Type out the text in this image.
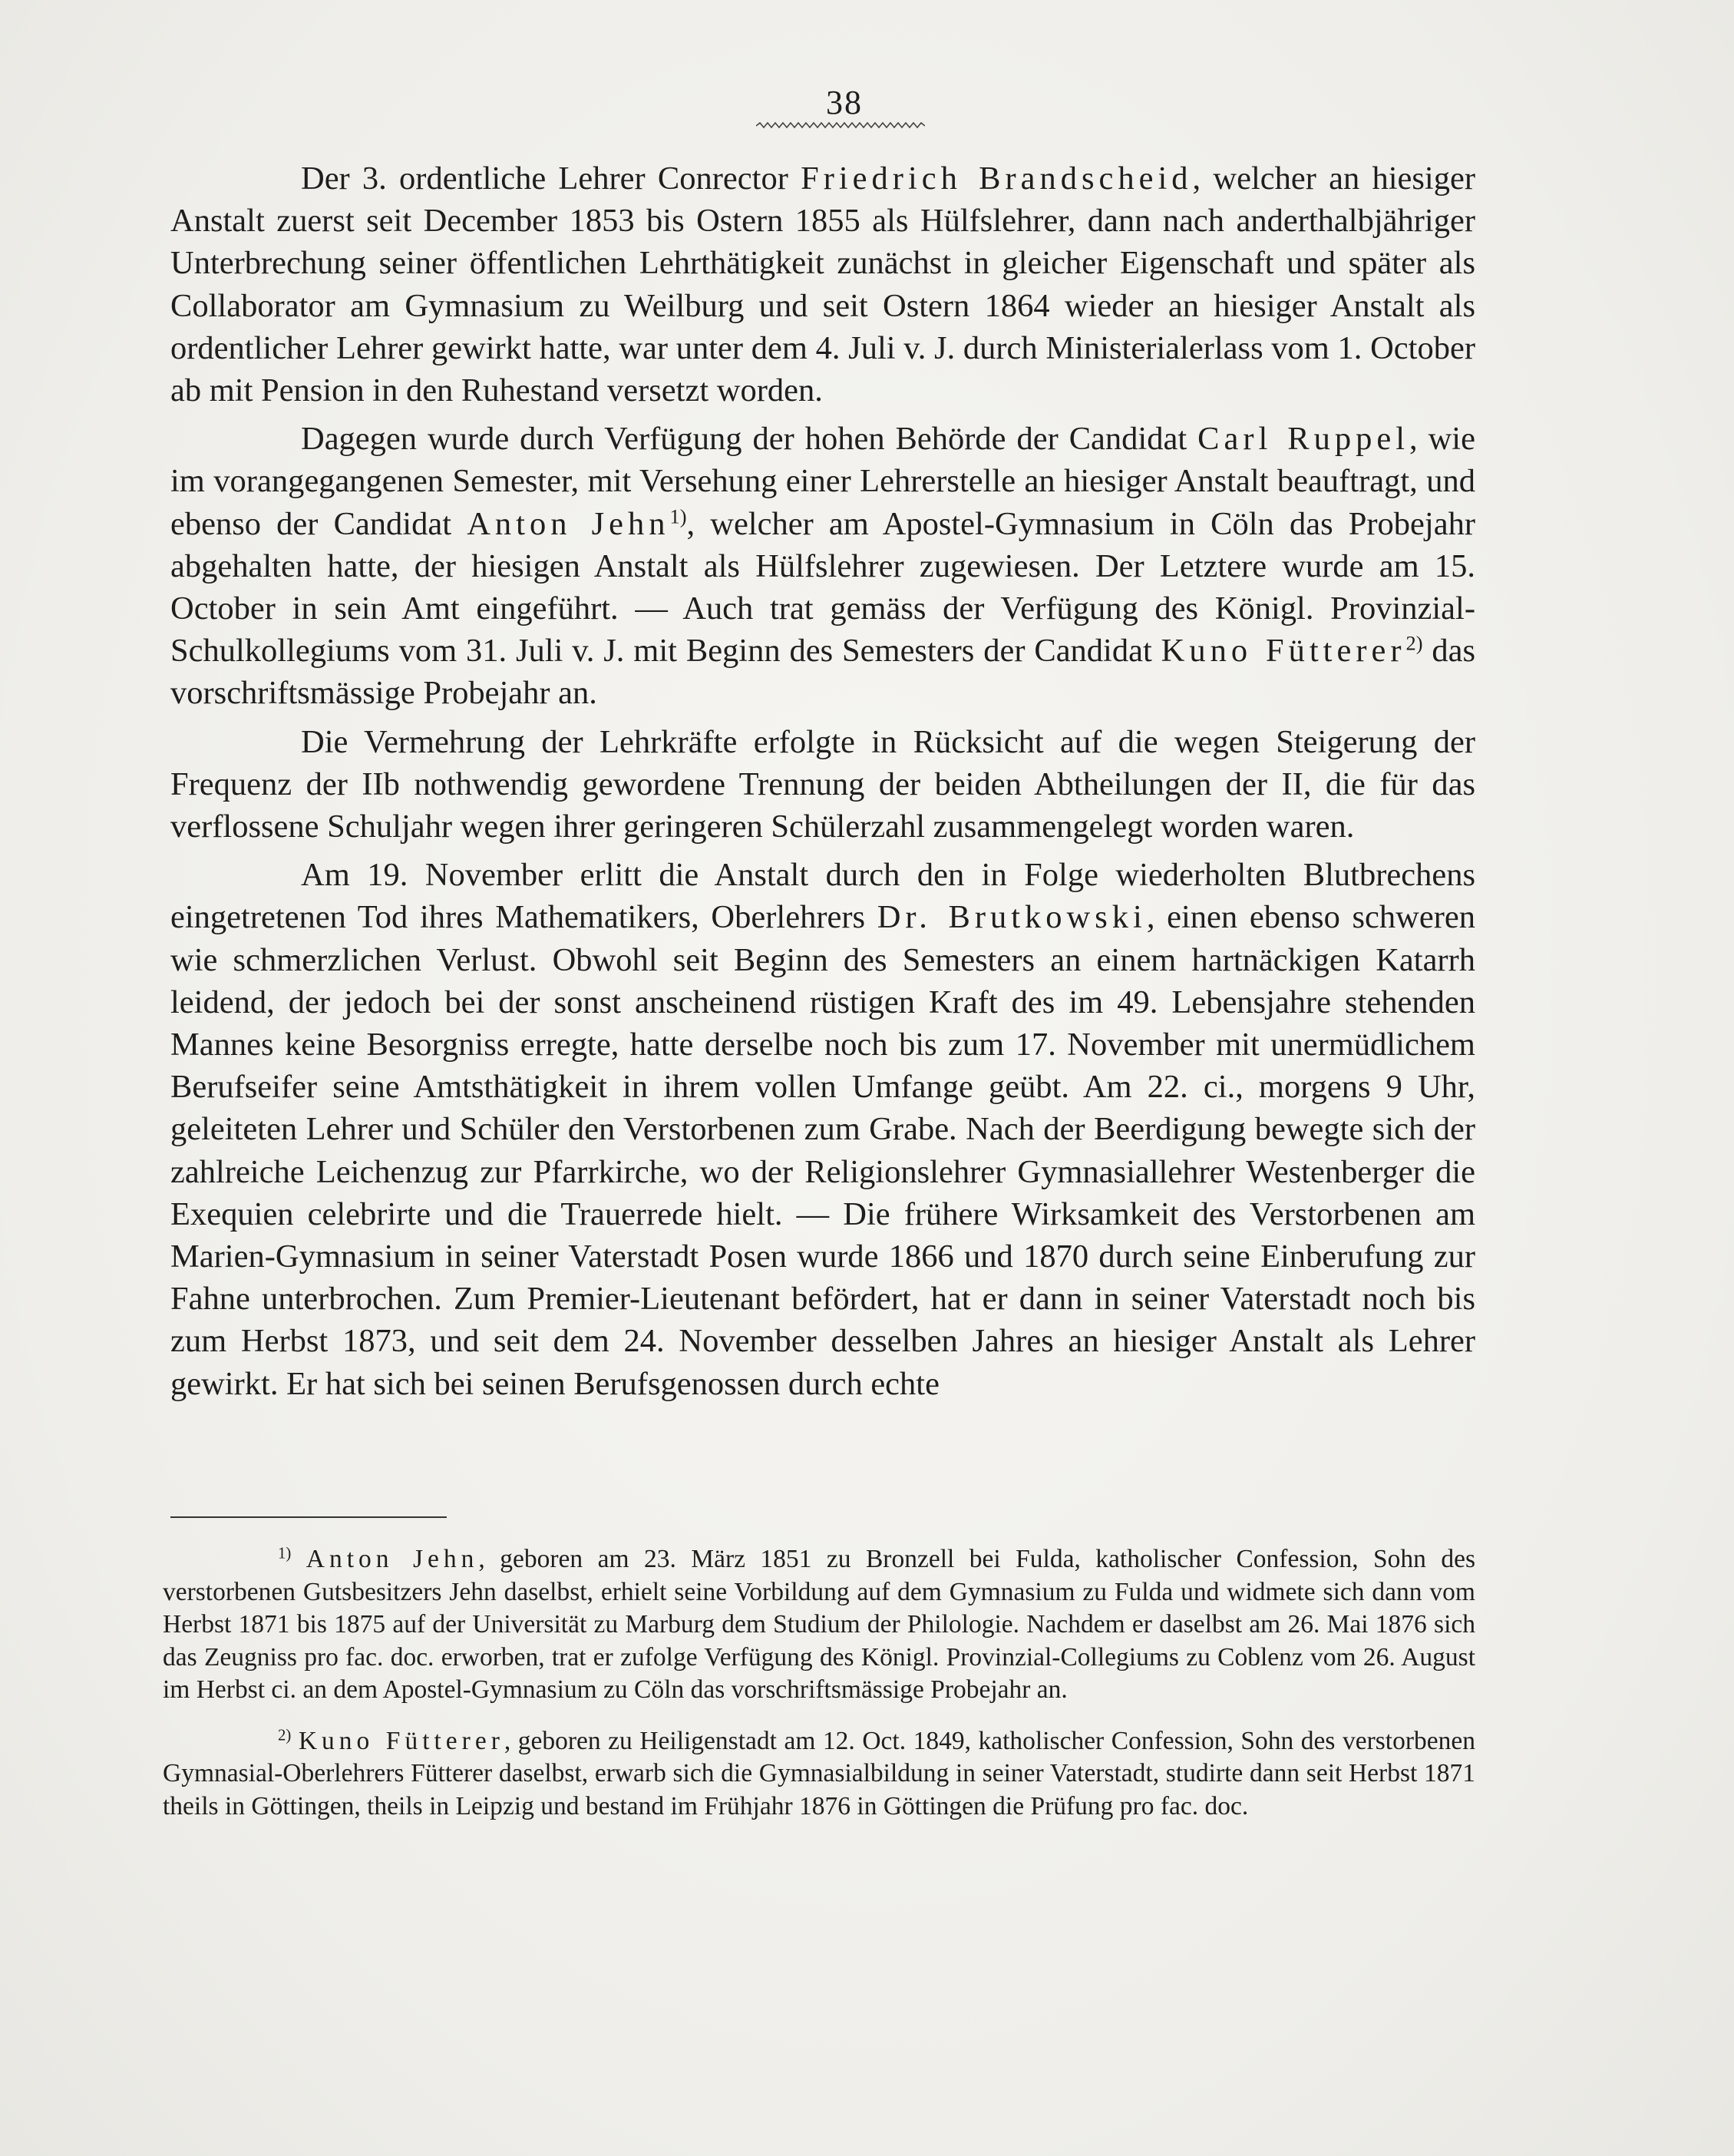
38

Der 3. ordentliche Lehrer Conrector Friedrich Brandscheid, welcher an hiesiger Anstalt zuerst seit December 1853 bis Ostern 1855 als Hülfslehrer, dann nach anderthalbjähriger Unterbrechung seiner öffentlichen Lehrthätigkeit zunächst in gleicher Eigenschaft und später als Collaborator am Gymnasium zu Weilburg und seit Ostern 1864 wieder an hiesiger Anstalt als ordentlicher Lehrer gewirkt hatte, war unter dem 4. Juli v. J. durch Ministerialerlass vom 1. October ab mit Pension in den Ruhestand versetzt worden.

Dagegen wurde durch Verfügung der hohen Behörde der Candidat Carl Ruppel, wie im vorangegangenen Semester, mit Versehung einer Lehrerstelle an hiesiger Anstalt beauftragt, und ebenso der Candidat Anton Jehn$^{1)}$, welcher am Apostel-Gymnasium in Cöln das Probejahr abgehalten hatte, der hiesigen Anstalt als Hülfslehrer zugewiesen. Der Letztere wurde am 15. October in sein Amt eingeführt. — Auch trat gemäss der Verfügung des Königl. Provinzial-Schulkollegiums vom 31. Juli v. J. mit Beginn des Semesters der Candidat Kuno Fütterer$^{2)}$ das vorschriftsmässige Probejahr an.

Die Vermehrung der Lehrkräfte erfolgte in Rücksicht auf die wegen Steigerung der Frequenz der IIb nothwendig gewordene Trennung der beiden Abtheilungen der II, die für das verflossene Schuljahr wegen ihrer geringeren Schülerzahl zusammengelegt worden waren.

Am 19. November erlitt die Anstalt durch den in Folge wiederholten Blutbrechens eingetretenen Tod ihres Mathematikers, Oberlehrers Dr. Brutkowski, einen ebenso schweren wie schmerzlichen Verlust. Obwohl seit Beginn des Semesters an einem hartnäckigen Katarrh leidend, der jedoch bei der sonst anscheinend rüstigen Kraft des im 49. Lebensjahre stehenden Mannes keine Besorgniss erregte, hatte derselbe noch bis zum 17. November mit unermüdlichem Berufseifer seine Amtsthätigkeit in ihrem vollen Umfange geübt. Am 22. ci., morgens 9 Uhr, geleiteten Lehrer und Schüler den Verstorbenen zum Grabe. Nach der Beerdigung bewegte sich der zahlreiche Leichenzug zur Pfarrkirche, wo der Religionslehrer Gymnasiallehrer Westenberger die Exequien celebrirte und die Trauerrede hielt. — Die frühere Wirksamkeit des Verstorbenen am Marien-Gymnasium in seiner Vaterstadt Posen wurde 1866 und 1870 durch seine Einberufung zur Fahne unterbrochen. Zum Premier-Lieutenant befördert, hat er dann in seiner Vaterstadt noch bis zum Herbst 1873, und seit dem 24. November desselben Jahres an hiesiger Anstalt als Lehrer gewirkt. Er hat sich bei seinen Berufsgenossen durch echte

$^{1)}$ Anton Jehn, geboren am 23. März 1851 zu Bronzell bei Fulda, katholischer Confession, Sohn des verstorbenen Gutsbesitzers Jehn daselbst, erhielt seine Vorbildung auf dem Gymnasium zu Fulda und widmete sich dann vom Herbst 1871 bis 1875 auf der Universität zu Marburg dem Studium der Philologie. Nachdem er daselbst am 26. Mai 1876 sich das Zeugniss pro fac. doc. erworben, trat er zufolge Verfügung des Königl. Provinzial-Collegiums zu Coblenz vom 26. August im Herbst ci. an dem Apostel-Gymnasium zu Cöln das vorschriftsmässige Probejahr an.

$^{2)}$ Kuno Fütterer, geboren zu Heiligenstadt am 12. Oct. 1849, katholischer Confession, Sohn des verstorbenen Gymnasial-Oberlehrers Fütterer daselbst, erwarb sich die Gymnasialbildung in seiner Vaterstadt, studirte dann seit Herbst 1871 theils in Göttingen, theils in Leipzig und bestand im Frühjahr 1876 in Göttingen die Prüfung pro fac. doc.
